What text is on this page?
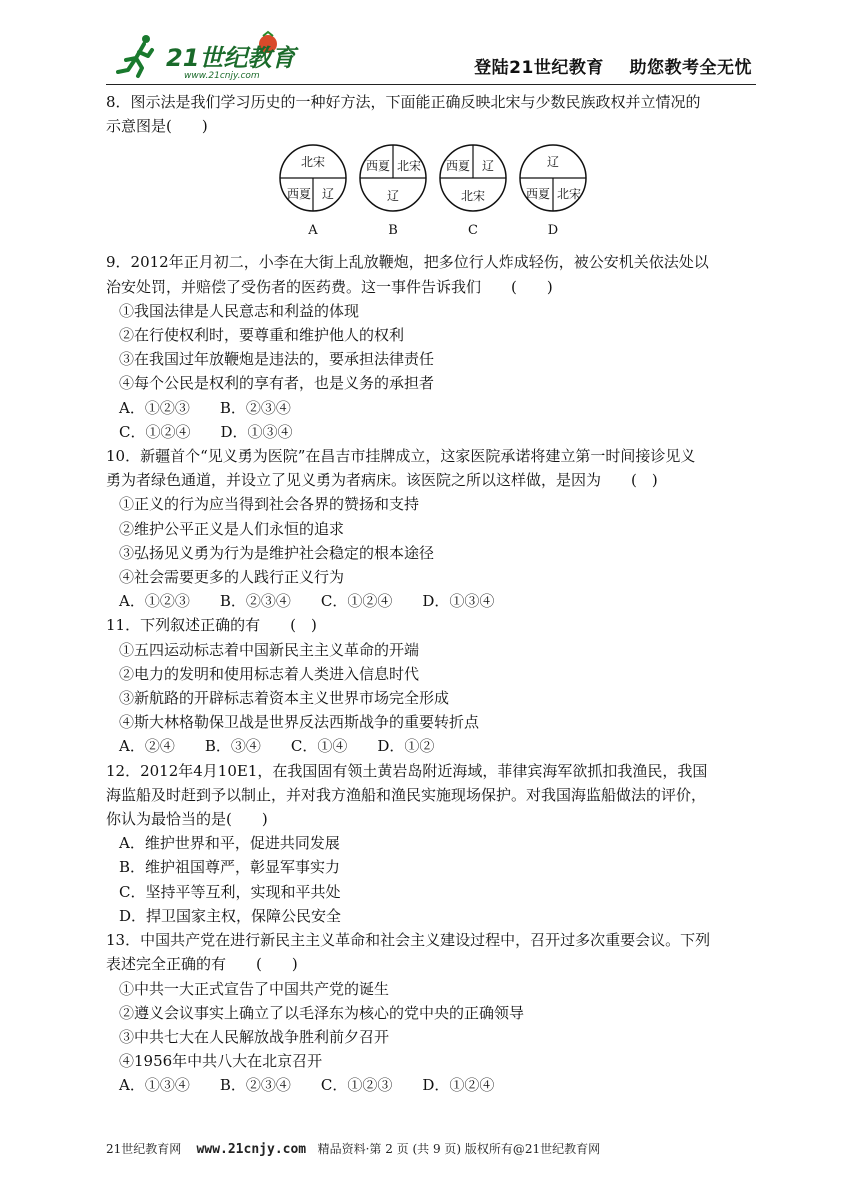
21世纪教育
www.21cnjy.com	登陆21世纪教育    助您教考全无忧
8．图示法是我们学习历史的一种好方法，下面能正确反映北宋与少数民族政权并立情况的
示意图是(　　)
北宋
西夏 辽
A
西夏 北宋
辽
B
西夏 辽
北宋
C
辽
西夏 北宋
D
9．2012年正月初二，小李在大街上乱放鞭炮，把多位行人炸成轻伤，被公安机关依法处以
治安处罚，并赔偿了受伤者的医药费。这一事件告诉我们　　(　　)
①我国法律是人民意志和利益的体现
②在行使权利时，要尊重和维护他人的权利
③在我国过年放鞭炮是违法的，要承担法律责任
④每个公民是权利的享有者，也是义务的承担者
A．①②③　　B．②③④
C．①②④　　D．①③④
10．新疆首个“见义勇为医院”在昌吉市挂牌成立，这家医院承诺将建立第一时间接诊见义
勇为者绿色通道，并设立了见义勇为者病床。该医院之所以这样做，是因为　　(　)
①正义的行为应当得到社会各界的赞扬和支持
②维护公平正义是人们永恒的追求
③弘扬见义勇为行为是维护社会稳定的根本途径
④社会需要更多的人践行正义行为
A．①②③　　B．②③④　　C．①②④　　D．①③④
11．下列叙述正确的有　　(　)
①五四运动标志着中国新民主主义革命的开端
②电力的发明和使用标志着人类进入信息时代
③新航路的开辟标志着资本主义世界市场完全形成
④斯大林格勒保卫战是世界反法西斯战争的重要转折点
A．②④　　B．③④　　C．①④　　D．①②
12．2012年4月10E1，在我国固有领土黄岩岛附近海域，菲律宾海军欲抓扣我渔民，我国
海监船及时赶到予以制止，并对我方渔船和渔民实施现场保护。对我国海监船做法的评价，
你认为最恰当的是(　　)
A．维护世界和平，促进共同发展
B．维护祖国尊严，彰显军事实力
C．坚持平等互利，实现和平共处
D．捍卫国家主权，保障公民安全
13．中国共产党在进行新民主主义革命和社会主义建设过程中，召开过多次重要会议。下列
表述完全正确的有　　(　　)
①中共一大正式宣告了中国共产党的诞生
②遵义会议事实上确立了以毛泽东为核心的党中央的正确领导
③中共七大在人民解放战争胜利前夕召开
④1956年中共八大在北京召开
A．①③④　　B．②③④　　C．①②③　　D．①②④
21世纪教育网 www.21cnjy.com 精品资料·第 2 页 (共 9 页) 版权所有@21世纪教育网
